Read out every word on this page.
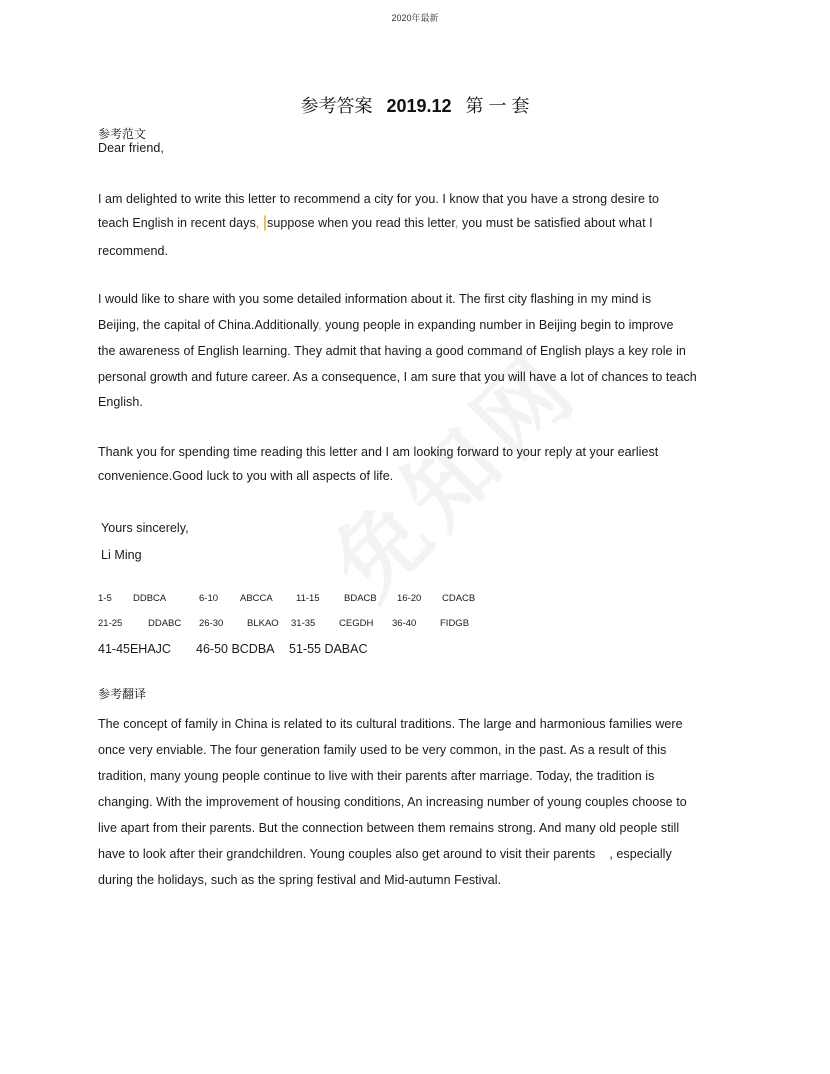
2020年最新
参考答案 2019.12 第 一 套
参考范文
Dear friend,
I am delighted to write this letter to recommend a city for you. I know that you have a strong desire to
teach English in recent days, |suppose when you read this letter, you must be satisfied about what I
recommend.
I would like to share with you some detailed information about it. The first city flashing in my mind is
Beijing, the capital of China.Additionally, young people in expanding number in Beijing begin to improve
the awareness of English learning. They admit that having a good command of English plays a key role in
personal growth and future career. As a consequence, I am sure that you will have a lot of chances to teach
English.
Thank you for spending time reading this letter and I am looking forward to your reply at your earliest
convenience.Good luck to you with all aspects of life.
Yours sincerely,
Li Ming
1-5 DDBCA	6-10 ABCCA 11-15	BDACB 16-20 CDACB
21-25	DDABC 26-30 BLKAO 31-35 CEGDH 36-40 FIDGB
41-45EHAJC 46-50 BCDBA 51-55 DABAC
参考翻译
The concept of family in China is related to its cultural traditions. The large and harmonious families were
once very enviable. The four generation family used to be very common, in the past. As a result of this
tradition, many young people continue to live with their parents after marriage. Today, the tradition is
changing. With the improvement of housing conditions, An increasing number of young couples choose to
live apart from their parents. But the connection between them remains strong. And many old people still
have to look after their grandchildren. Young couples also get around to visit their parents , especially
during the holidays, such as the spring festival and Mid-autumn Festival.
